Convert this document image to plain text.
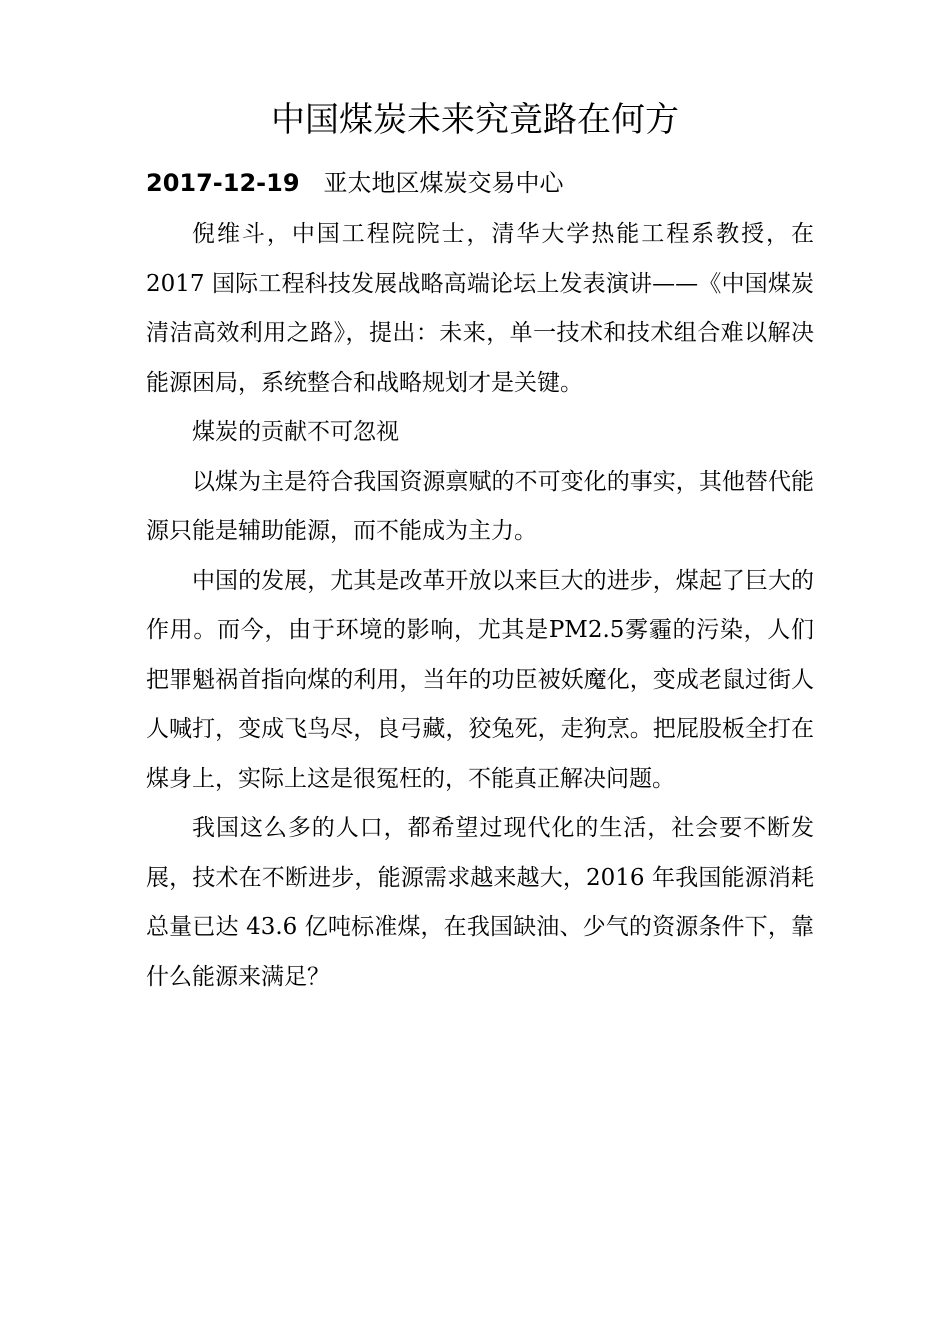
中国煤炭未来究竟路在何方
2017-12-19 亚太地区煤炭交易中心

倪维斗，中国工程院院士，清华大学热能工程系教授，在 2017 国际工程科技发展战略高端论坛上发表演讲——《中国煤炭清洁高效利用之路》，提出：未来，单一技术和技术组合难以解决能源困局，系统整合和战略规划才是关键。

煤炭的贡献不可忽视

以煤为主是符合我国资源禀赋的不可变化的事实，其他替代能源只能是辅助能源，而不能成为主力。

中国的发展，尤其是改革开放以来巨大的进步，煤起了巨大的作用。而今，由于环境的影响，尤其是PM2.5雾霾的污染，人们把罪魁祸首指向煤的利用，当年的功臣被妖魔化，变成老鼠过街人人喊打，变成飞鸟尽，良弓藏，狡兔死，走狗烹。把屁股板全打在煤身上，实际上这是很冤枉的，不能真正解决问题。

我国这么多的人口，都希望过现代化的生活，社会要不断发展，技术在不断进步，能源需求越来越大，2016 年我国能源消耗总量已达 43.6 亿吨标准煤，在我国缺油、少气的资源条件下，靠什么能源来满足？
